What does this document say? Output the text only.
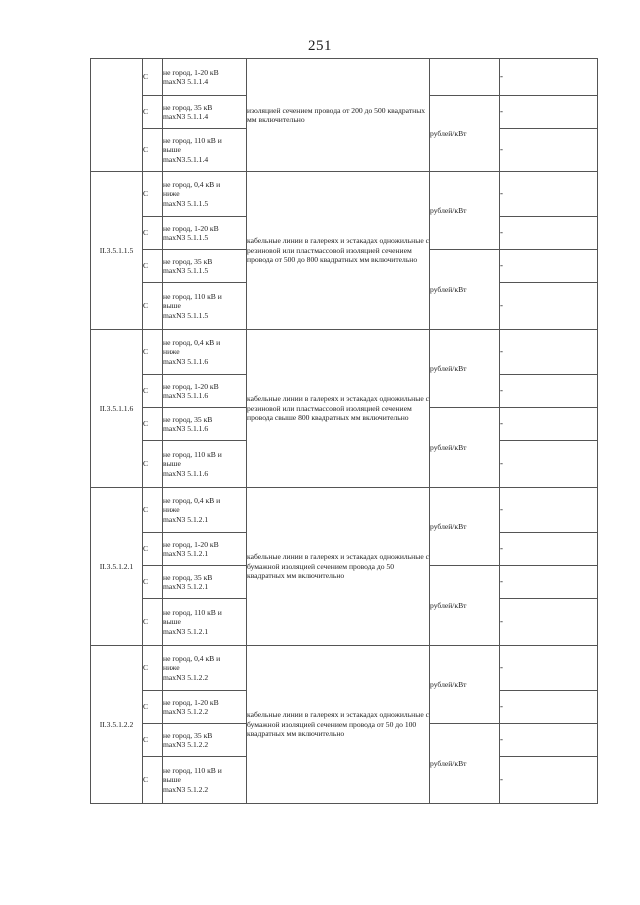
251
	С	не город, 1-20 кВ
maxN3 5.1.1.4	изоляцией сечением провода от 200 до 500 квадратных мм включительно		-
	С	не город, 35 кВ
maxN3 5.1.1.4		рублей/кВт	-
	С	не город, 110 кВ и
выше
maxN3.5.1.1.4			-
II.3.5.1.1.5	С	не город, 0,4 кВ и
ниже
maxN3 5.1.1.5	кабельные линии в галереях и эстакадах одножильные с резиновой или пластмассовой изоляцией сечением провода от 500 до 800 квадратных мм включительно	рублей/кВт	-
	С	не город, 1-20 кВ
maxN3 5.1.1.5			-
	С	не город, 35 кВ
maxN3 5.1.1.5		рублей/кВт	-
	С	не город, 110 кВ и
выше
maxN3 5.1.1.5			-
II.3.5.1.1.6	С	не город, 0,4 кВ и
ниже
maxN3 5.1.1.6	кабельные линии в галереях и эстакадах одножильные с резиновой или пластмассовой изоляцией сечением провода свыше 800 квадратных мм включительно	рублей/кВт	-
	С	не город, 1-20 кВ
maxN3 5.1.1.6			-
	С	не город, 35 кВ
maxN3 5.1.1.6		рублей/кВт	-
	С	не город, 110 кВ и
выше
maxN3 5.1.1.6			-
II.3.5.1.2.1	С	не город, 0,4 кВ и
ниже
maxN3 5.1.2.1	кабельные линии в галереях и эстакадах одножильные с бумажной изоляцией сечением провода до 50 квадратных мм включительно	рублей/кВт	-
	С	не город, 1-20 кВ
maxN3 5.1.2.1			-
	С	не город, 35 кВ
maxN3 5.1.2.1		рублей/кВт	-
	С	не город, 110 кВ и
выше
maxN3 5.1.2.1			-
II.3.5.1.2.2	С	не город, 0,4 кВ и
ниже
maxN3 5.1.2.2	кабельные линии в галереях и эстакадах одножильные с бумажной изоляцией сечением провода от 50 до 100 квадратных мм включительно	рублей/кВт	-
	С	не город, 1-20 кВ
maxN3 5.1.2.2			-
	С	не город, 35 кВ
maxN3 5.1.2.2		рублей/кВт	-
	С	не город, 110 кВ и
выше
maxN3 5.1.2.2			-
